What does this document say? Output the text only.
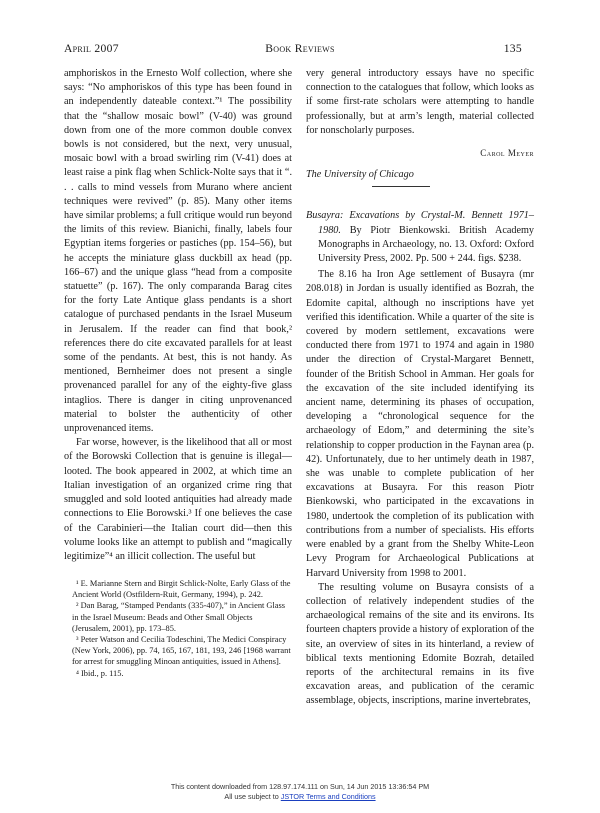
April 2007	Book Reviews	135

amphoriskos in the Ernesto Wolf collection, where she says: “No amphoriskos of this type has been found in an independently dateable context.”¹ The possibility that the “shallow mosaic bowl” (V-40) was ground down from one of the more common double convex bowls is not considered, but the next, very unusual, mosaic bowl with a broad swirling rim (V-41) does at least raise a pink flag when Schlick-Nolte says that it “. . . calls to mind vessels from Murano where ancient techniques were revived” (p. 85). Many other items have similar problems; a full critique would run beyond the limits of this review. Bianichi, finally, labels four Egyptian items forgeries or pastiches (pp. 154–56), but he accepts the miniature glass duckbill ax head (pp. 166–67) and the unique glass “head from a composite statuette” (p. 167). The only comparanda Barag cites for the forty Late Antique glass pendants is a short catalogue of purchased pendants in the Israel Museum in Jerusalem. If the reader can find that book,² references there do cite excavated parallels for at least some of the pendants. At best, this is not handy. As mentioned, Bernheimer does not present a single provenanced parallel for any of the eighty-five glass intaglios. There is danger in citing unprovenanced material to bolster the authenticity of other unprovenanced items.

Far worse, however, is the likelihood that all or most of the Borowski Collection that is genuine is illegal—looted. The book appeared in 2002, at which time an Italian investigation of an organized crime ring that smuggled and sold looted antiquities had already made connections to Elie Borowski.³ If one believes the case of the Carabinieri—the Italian court did—then this volume looks like an attempt to publish and “magically legitimize”⁴ an illicit collection. The useful but

¹ E. Marianne Stern and Birgit Schlick-Nolte, Early Glass of the Ancient World (Ostfildern-Ruit, Germany, 1994), p. 242.

² Dan Barag, “Stamped Pendants (335-407),” in Ancient Glass in the Israel Museum: Beads and Other Small Objects (Jerusalem, 2001), pp. 173–85.

³ Peter Watson and Cecilia Todeschini, The Medici Conspiracy (New York, 2006), pp. 74, 165, 167, 181, 193, 246 [1968 warrant for arrest for smuggling Minoan antiquities, issued in Athens].

⁴ Ibid., p. 115.

very general introductory essays have no specific connection to the catalogues that follow, which looks as if some first-rate scholars were attempting to handle professionally, but at arm’s length, material collected for nonscholarly purposes.

Carol Meyer

The University of Chicago

Busayra: Excavations by Crystal-M. Bennett 1971–1980. By Piotr Bienkowski. British Academy Monographs in Archaeology, no. 13. Oxford: Oxford University Press, 2002. Pp. 500 + 244. figs. $238.

The 8.16 ha Iron Age settlement of Busayra (mr 208.018) in Jordan is usually identified as Bozrah, the Edomite capital, although no inscriptions have yet verified this identification. While a quarter of the site is covered by modern settlement, excavations were conducted there from 1971 to 1974 and again in 1980 under the direction of Crystal-Margaret Bennett, founder of the British School in Amman. Her goals for the excavation of the site included identifying its ancient name, determining its phases of occupation, developing a “chronological sequence for the archaeology of Edom,” and determining the site’s relationship to copper production in the Faynan area (p. 42). Unfortunately, due to her untimely death in 1987, she was unable to complete publication of her excavations at Busayra. For this reason Piotr Bienkowski, who participated in the excavations in 1980, undertook the completion of its publication with contributions from a number of specialists. His efforts were enabled by a grant from the Shelby White-Leon Levy Program for Archaeological Publications at Harvard University from 1998 to 2001.

The resulting volume on Busayra consists of a collection of relatively independent studies of the archaeological remains of the site and its environs. Its fourteen chapters provide a history of exploration of the site, an overview of sites in its hinterland, a review of biblical texts mentioning Edomite Bozrah, detailed reports of the architectural remains in its five excavation areas, and publication of the ceramic assemblage, objects, inscriptions, marine invertebrates,

This content downloaded from 128.97.174.111 on Sun, 14 Jun 2015 13:36:54 PM
All use subject to JSTOR Terms and Conditions
